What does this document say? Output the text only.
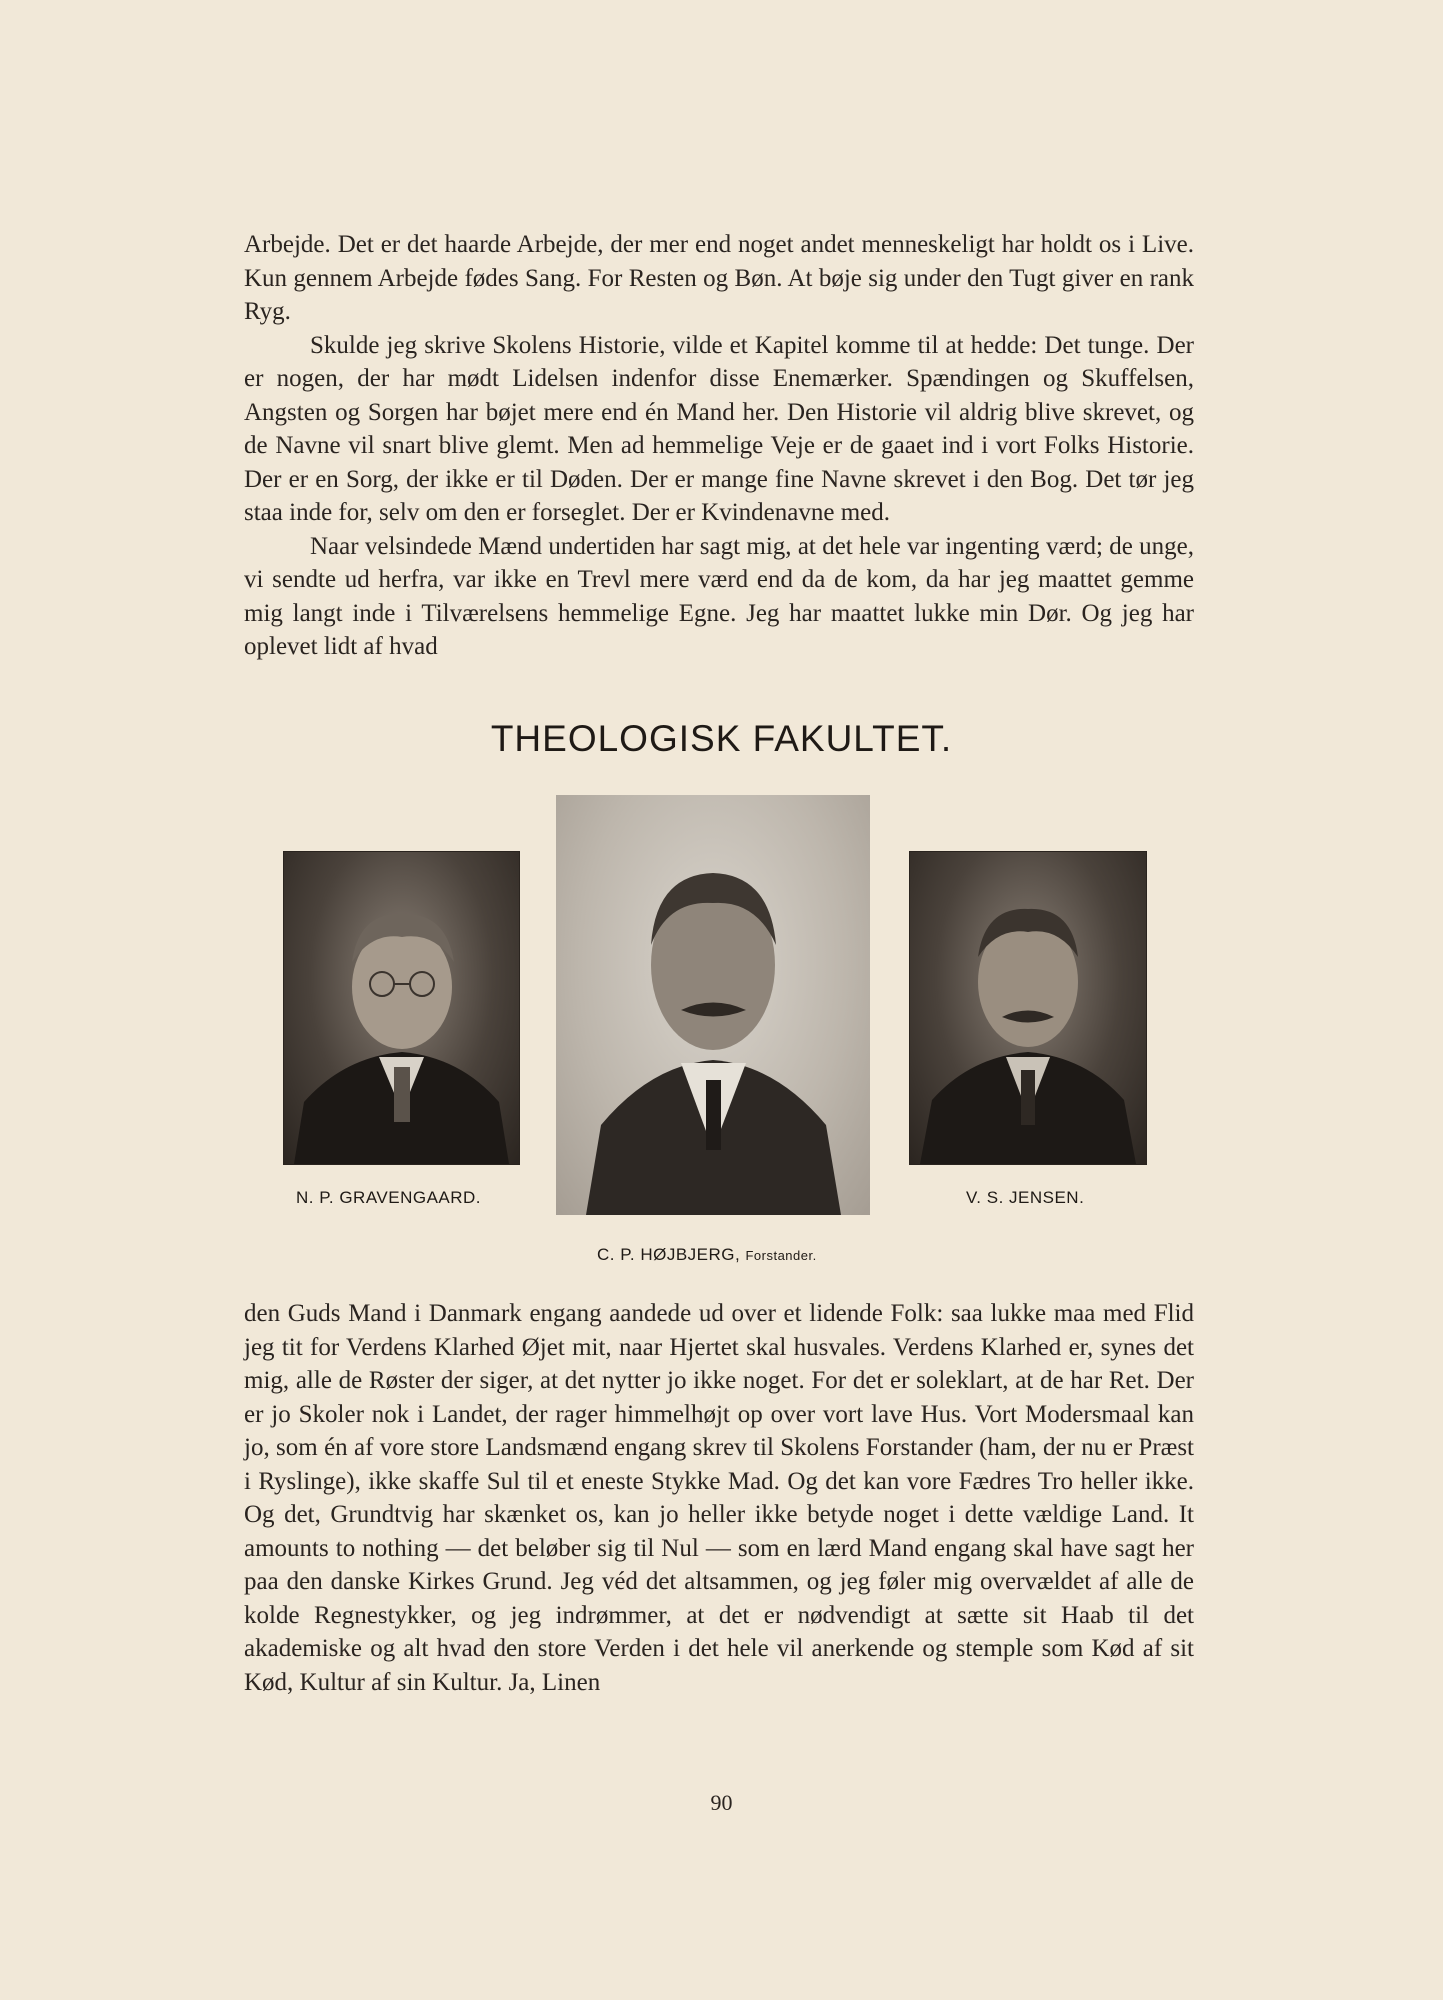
Arbejde. Det er det haarde Arbejde, der mer end noget andet menneskeligt har holdt os i Live. Kun gennem Arbejde fødes Sang. For Resten og Bøn. At bøje sig under den Tugt giver en rank Ryg.

Skulde jeg skrive Skolens Historie, vilde et Kapitel komme til at hedde: Det tunge. Der er nogen, der har mødt Lidelsen indenfor disse Enemærker. Spændingen og Skuffelsen, Angsten og Sorgen har bøjet mere end én Mand her. Den Historie vil aldrig blive skrevet, og de Navne vil snart blive glemt. Men ad hemmelige Veje er de gaaet ind i vort Folks Historie. Der er en Sorg, der ikke er til Døden. Der er mange fine Navne skrevet i den Bog. Det tør jeg staa inde for, selv om den er forseglet. Der er Kvindenavne med.

Naar velsindede Mænd undertiden har sagt mig, at det hele var ingenting værd; de unge, vi sendte ud herfra, var ikke en Trevl mere værd end da de kom, da har jeg maattet gemme mig langt inde i Tilværelsens hemmelige Egne. Jeg har maattet lukke min Dør. Og jeg har oplevet lidt af hvad

THEOLOGISK FAKULTET.
N. P. GRAVENGAARD.	V. S. JENSEN.
C. P. HØJBJERG, Forstander.

den Guds Mand i Danmark engang aandede ud over et lidende Folk: saa lukke maa med Flid jeg tit for Verdens Klarhed Øjet mit, naar Hjertet skal husvales. Verdens Klarhed er, synes det mig, alle de Røster der siger, at det nytter jo ikke noget. For det er soleklart, at de har Ret. Der er jo Skoler nok i Landet, der rager himmelhøjt op over vort lave Hus. Vort Modersmaal kan jo, som én af vore store Landsmænd engang skrev til Skolens Forstander (ham, der nu er Præst i Ryslinge), ikke skaffe Sul til et eneste Stykke Mad. Og det kan vore Fædres Tro heller ikke. Og det, Grundtvig har skænket os, kan jo heller ikke betyde noget i dette vældige Land. It amounts to nothing — det beløber sig til Nul — som en lærd Mand engang skal have sagt her paa den danske Kirkes Grund. Jeg véd det altsammen, og jeg føler mig overvældet af alle de kolde Regnestykker, og jeg indrømmer, at det er nødvendigt at sætte sit Haab til det akademiske og alt hvad den store Verden i det hele vil anerkende og stemple som Kød af sit Kød, Kultur af sin Kultur. Ja, Linen

90
